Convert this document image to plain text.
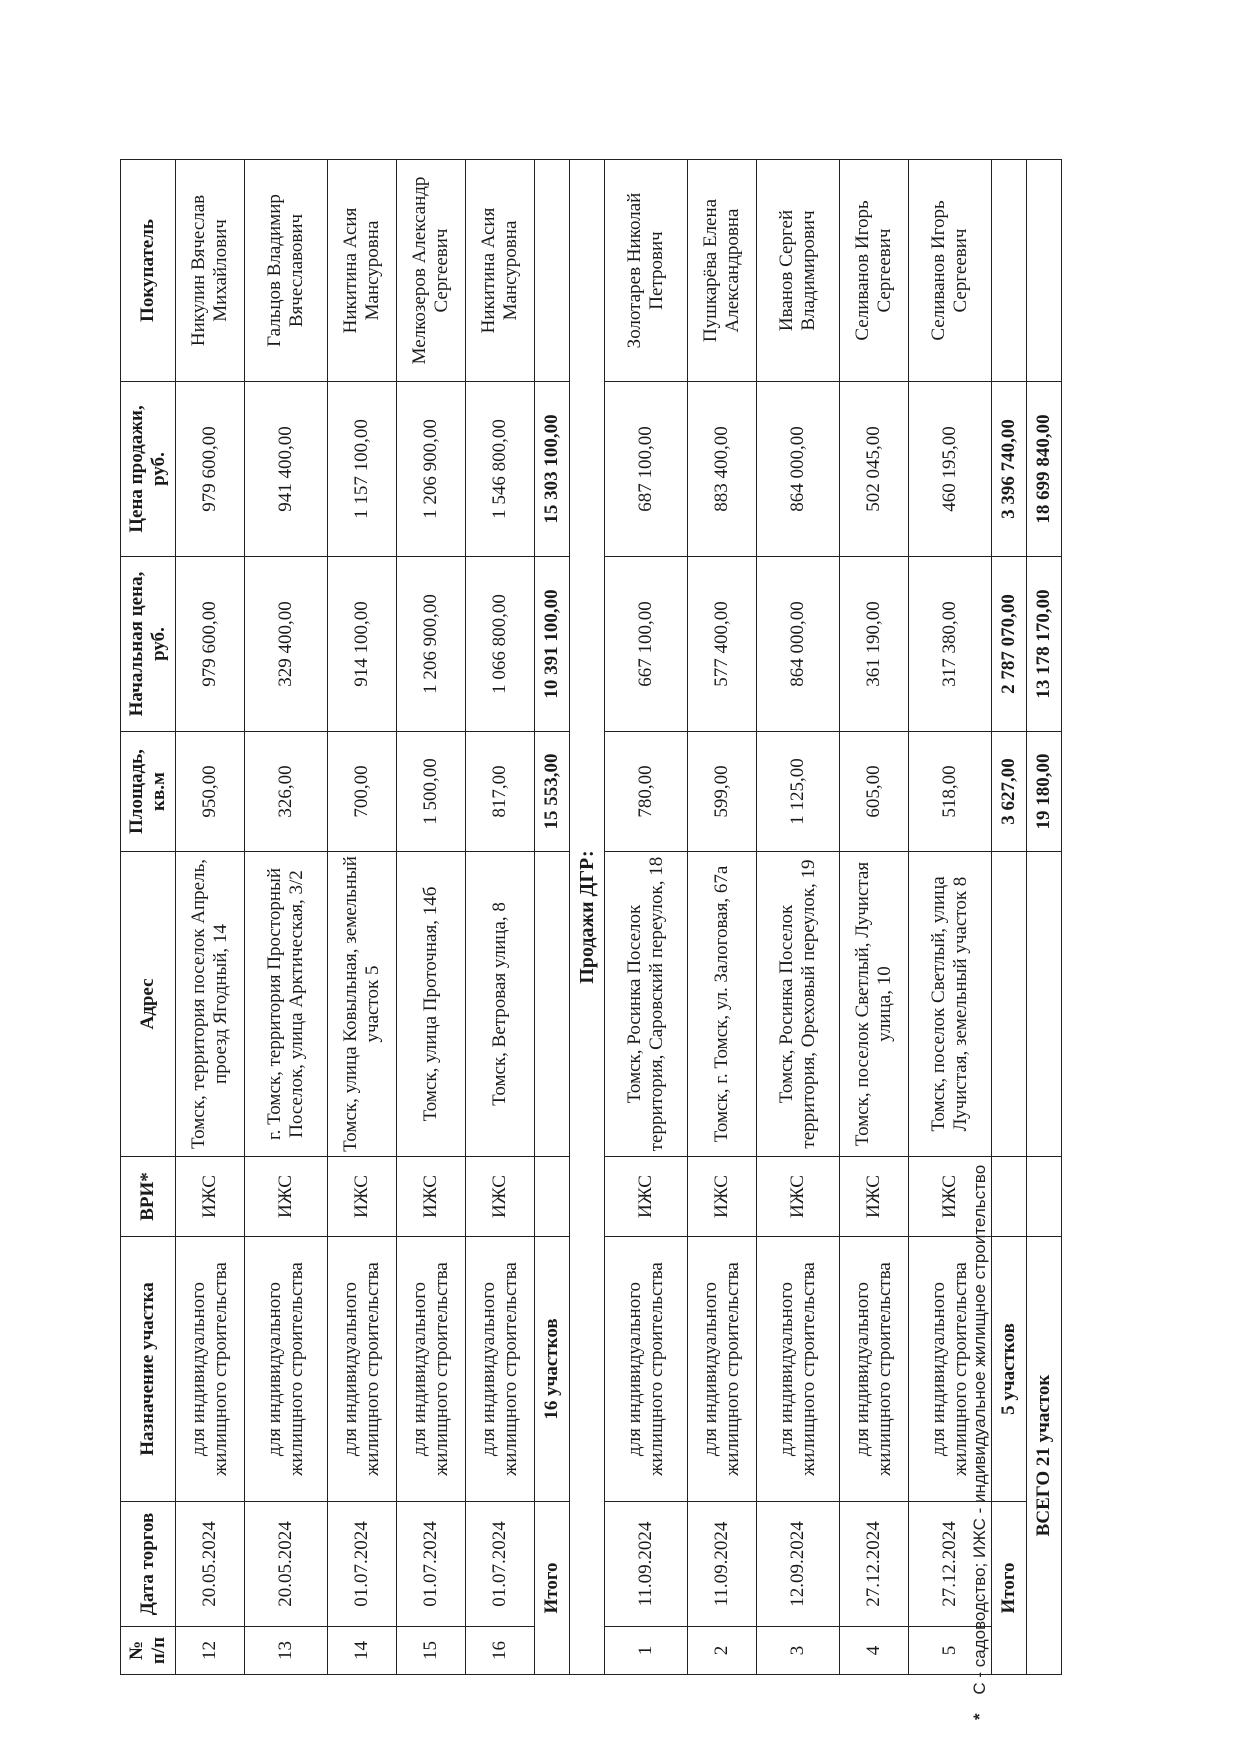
№ п/п	Дата торгов	Назначение участка	ВРИ*	Адрес	Площадь, кв.м	Начальная цена, руб.	Цена продажи, руб.	Покупатель
12	20.05.2024	для индивидуального жилищного строительства	ИЖС	Томск, территория поселок Апрель, проезд Ягодный, 14	950,00	979 600,00	979 600,00	Никулин Вячеслав Михайлович
13	20.05.2024	для индивидуального жилищного строительства	ИЖС	г. Томск, территория Просторный Поселок, улица Арктическая, 3/2	326,00	329 400,00	941 400,00	Гальцов Владимир Вячеславович
14	01.07.2024	для индивидуального жилищного строительства	ИЖС	Томск, улица Ковыльная, земельный участок 5	700,00	914 100,00	1 157 100,00	Никитина Асия Мансуровна
15	01.07.2024	для индивидуального жилищного строительства	ИЖС	Томск, улица Проточная, 14б	1 500,00	1 206 900,00	1 206 900,00	Мелкозеров Александр Сергеевич
16	01.07.2024	для индивидуального жилищного строительства	ИЖС	Томск, Ветровая улица, 8	817,00	1 066 800,00	1 546 800,00	Никитина Асия Мансуровна
Итого		16 участков			15 553,00	10 391 100,00	15 303 100,00	
Продажи ДГР:								
1	11.09.2024	для индивидуального жилищного строительства	ИЖС	Томск, Росинка Поселок территория, Саровский переулок, 18	780,00	667 100,00	687 100,00	Золотарев Николай Петрович
2	11.09.2024	для индивидуального жилищного строительства	ИЖС	Томск, г. Томск, ул. Залоговая, 67а	599,00	577 400,00	883 400,00	Пушкарёва Елена Александровна
3	12.09.2024	для индивидуального жилищного строительства	ИЖС	Томск, Росинка Поселок территория, Ореховый переулок, 19	1 125,00	864 000,00	864 000,00	Иванов Сергей Владимирович
4	27.12.2024	для индивидуального жилищного строительства	ИЖС	Томск, поселок Светлый, Лучистая улица, 10	605,00	361 190,00	502 045,00	Селиванов Игорь Сергеевич
5	27.12.2024	для индивидуального жилищного строительства	ИЖС	Томск, поселок Светлый, улица Лучистая, земельный участок 8	518,00	317 380,00	460 195,00	Селиванов Игорь Сергеевич
Итого		5 участков			3 627,00	2 787 070,00	3 396 740,00	
ВСЕГО 21 участок					19 180,00	13 178 170,00	18 699 840,00	
* С - садоводство; ИЖС - индивидуальное жилищное строительство
